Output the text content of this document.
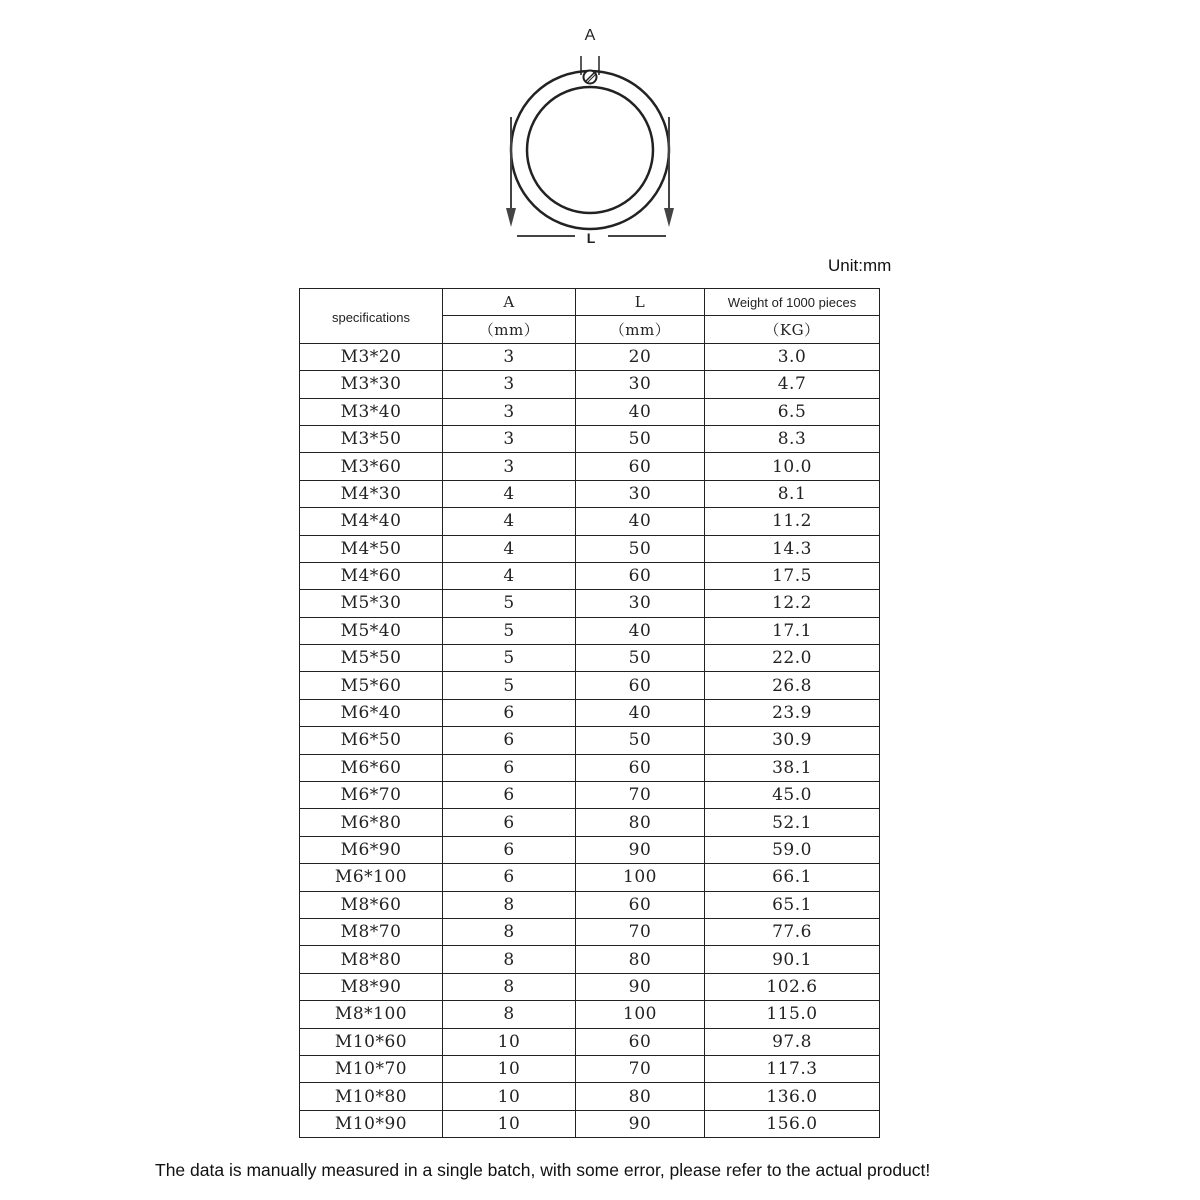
A
L
Unit:mm
specifications	A	L	Weight of 1000 pieces
	（mm）	（mm）	（KG）
M3*20	3	20	3.0
M3*30	3	30	4.7
M3*40	3	40	6.5
M3*50	3	50	8.3
M3*60	3	60	10.0
M4*30	4	30	8.1
M4*40	4	40	11.2
M4*50	4	50	14.3
M4*60	4	60	17.5
M5*30	5	30	12.2
M5*40	5	40	17.1
M5*50	5	50	22.0
M5*60	5	60	26.8
M6*40	6	40	23.9
M6*50	6	50	30.9
M6*60	6	60	38.1
M6*70	6	70	45.0
M6*80	6	80	52.1
M6*90	6	90	59.0
M6*100	6	100	66.1
M8*60	8	60	65.1
M8*70	8	70	77.6
M8*80	8	80	90.1
M8*90	8	90	102.6
M8*100	8	100	115.0
M10*60	10	60	97.8
M10*70	10	70	117.3
M10*80	10	80	136.0
M10*90	10	90	156.0
The data is manually measured in a single batch, with some error, please refer to the actual product!
